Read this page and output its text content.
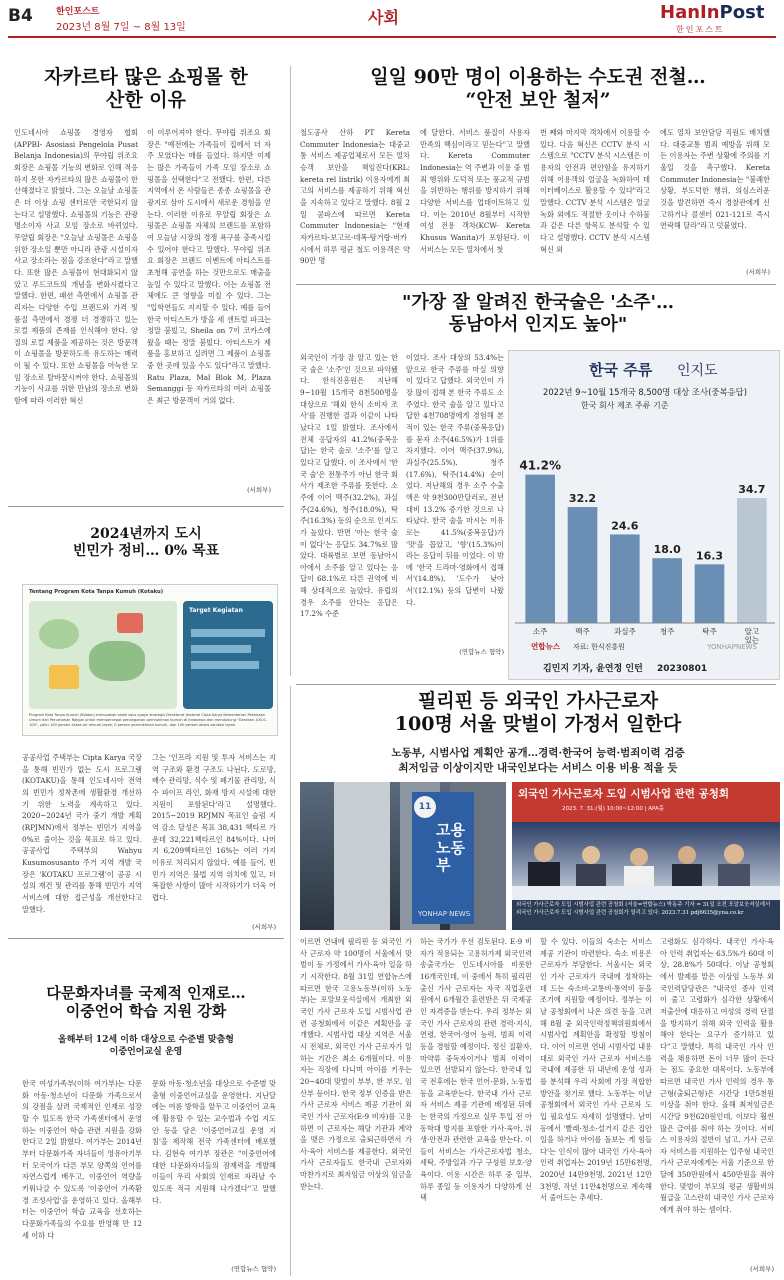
B4	한인포스트
2023년 8월 7일 ~ 8월 13일
사회	HanInPost
한인포스트
자카르타 많은 쇼핑몰 한
산한 이유
인도네시아 쇼핑몰 경영자 협회(APPBI- Asosiasi Pengelola Pusat Belanja Indonesia)의 무야립 위조요 회장은 쇼핑몰 기능의 변화로 인해 적응하지 못한 자카르타의 많은 쇼핑몰이 한산해졌다고 밝혔다. 그는 오늘날 쇼핑몰은 더 이상 쇼핑 센터로만 국한되지 않는다고 설명했다. 쇼핑몰의 기능은 관광 명소이자 사교 모임 장소로 바뀌었다. 무얄립 회장은 "오늘날 쇼핑몰은 쇼핑을 위한 장소일 뿐만 아니라 관광 시설이자 사교 장소라는 점을 강조한다"라고 말했다. 또한 많은 쇼핑몰이 현대화되지 않았고 푸드코트의 개념을 변화시켰다고 말했다. 한편, 패션 측면에서 쇼핑몰 관리자는 다양한 수입 브랜드와 가격 및 품질 측면에서 경쟁 더 경쟁하고 있는 로컬 제품의 존재를 인식해야 한다. 양질의 로컬 제품을 제공하는 것은 방문객이 쇼핑몰을 방문하도록 유도하는 매력이 될 수 있다. 또한 쇼핑몰을 아늑한 모임 장소로 탈바꿈시켜야 한다. 쇼핑몰의 기능이 사교를 위한 만남의 장소로 변화함에 따라 이러한 혁신
이 이루어져야 한다. 무야립 위조요 회장은 "예전에는 가족들이 집에서 더 자주 모였다는 매를 들었다. 하지만 이제는 많은 가족들이 가족 모임 장소로 쇼핑몰을 선택한다"고 전했다. 한편, 다른 지역에서 온 사람들은 종종 쇼핑몰을 관광지로 삼아 도시에서 새로운 경험을 얻는다. 이러한 이유로 무얄립 회장은 쇼핑몰은 쇼핑몰 자체의 브랜드를 포함하여 오늘날 시장의 경쟁 욕구를 충족시킬 수 있어야 한다고 말했다. 무야립 위조요 회장은 브랜드 이벤트에 아티스트를 초청해 공연을 하는 것만으로도 매출을 높일 수 있다고 말했다. 이는 쇼핑몰 전체에도 큰 영향을 미칠 수 있다. 그는 "입학연들도 지지할 수 있다. 예를 들어 한국 아티스트가 방을 세 센트럴 파크는 정말 붐빘고, Sheila on 7이 코카스에 왔을 때는 정말 붐빘다. 아티스트가 제품을 홍보하고 실려면 그 제품이 쇼핑몰 중 한 곳에 있을 수도 있다"라고 말했다. Ratu Plaza, Mal Blok M, Plaza Semanggi 등 자카르타의 여러 쇼핑몰은 최근 방문객이 거의 없다.
(서희부)
일일 90만 명이 이용하는 수도권 전철…
“안전 보안 철저”
철도공사 산하 PT Kereta Commuter Indonesia는 대중교통 서비스 제공업체로서 모든 열차 승객 보안을 책임진다(KRL: kereta rel listrik) 이용자에게 최고의 서비스를 제공하기 위해 혁신을 지속하고 있다고 말했다. 8월 2일 콤파스에 따르면 Kereta Commuter Indonesia는 "현재 자카르타-보고르-데폭-탕거랑-버카시에서 하루 평균 철도 이용객은 약 90만 명
에 달한다. 서비스 품질이 사용자 만족의 핵심이라고 믿는다"고 말했다. Kereta Commuter Indonesia는 역 주변과 이용 중 범죄 행위와 도덕적 또는 풍교적 규범을 위반하는 행위를 방지하기 위해 다양한 서비스를 업데이트하고 있다. 이는 2010년 8월부터 시작한 여성 전용 객차(KCW- Kereta Khusus Wanita)가 포함된다. 이 서비스는 모든 열차에서 첫
번 째와 마지막 객차에서 이용할 수 있다. 다음 혁신은 CCTV 분석 시스템으로 "CCTV 분석 시스템은 이용자의 안전과 편안함을 유지하기 위해 이용객의 얼굴을 녹화하여 데이터베이스로 활용할 수 있다"라고 말했다. CCTV 분석 시스템은 얼굴 녹화 외에도 적절한 옷이나 수하물과 같은 다른 항목도 분석할 수 있다고 설명했다. CCTV 분석 시스템 혁신 외
에도 열차 보안담당 직원도 배치했다. 대중교통 범죄 예방을 위해 모든 이용자는 주변 상황에 주의를 기울일 것을 촉구했다. Kereta Commuter Indonesia는 "불쾌한 상황, 부도덕한 행위, 의심스러운 것을 발견하면 즉시 경찰관에게 신고하거나 콜센터 021-121로 즉시 연락해 달라"라고 덧붙였다.
(서희부)
"가장 잘 알려진 한국술은 '소주'…
동남아서 인지도 높아"
외국인이 가장 잘 알고 있는 한국 술은 '소주'인 것으로 파악됐다. 한식진흥원은 지난해 9~10월 15개국 8천500명을 대상으로 '해외 한식 소비자 조사'를 진행한 결과 이같이 나타났다고 1일 밝혔다. 조사에서 전체 응답자의 41.2%(중복응답)는 한국 술로 '소주'를 알고 있다고 답했다. 이 조사에서 '한국 술'은 전통주가 아닌 한국 회사가 제조한 주류를 뜻한다. 소주에 이어 맥주(32.2%), 과실주(24.6%), 청주(18.0%), 탁주(16.3%) 등의 순으로 인지도가 높았다. 반면 '아는 한국 술이 없다'는 응답도 34.7%로 많았다. 대륙별로 보면 동남아시아에서 소주를 알고 있다는 응답이 68.1%로 다른 권역에 비해 상대적으로 높았다. 유럽의 경우 소주를 안다는 응답은 17.2% 수준
이었다. 조사 대상의 53.4%는 앞으로 한국 주류를 마실 의향이 있다고 답했다. 외국인이 가장 많이 접해 본 한국 주류도 소주였다. 한국 술을 알고 있다고 답한 4천708명에게 경험해 본 적이 있는 한국 주류(중복응답)를 묻자 소주(46.5%)가 1위를 차지했다. 이어 맥주(37.9%), 과실주(25.5%), 청주(17.6%), 탁주(14.4%) 순이었다. 지난해의 경우 소주 수출액은 약 9천300만달러로, 전년 대비 13.2% 증가한 것으로 나타났다. 한국 술을 마시는 이유로는 41.5%(중복응답)가 '맛'을 꼽았고, '향'(15.3%)이라는 응답이 뒤를 이었다. 이 밖에 '한국 드라마·영화에서 접해서'(14.8%), '도수가 낮아서'(12.1%) 등의 답변이 나왔다.
(연합뉴스 협약)
한국 주류 인지도
2022년 9~10월 15개국 8,500명 대상 조사(중복응답)
한국 회사 제조 주류 기준
41.2%
소주
32.2
맥주
24.6
과실주
18.0
청주
16.3
탁주
34.7
알고 있는
연합뉴스 자료: 한식진흥원	YONHAPNEWS
김민지 기자, 윤연정 인턴 20230801
2024년까지 도시
빈민가 정비… 0% 목표
Tentang Program Kota Tanpa Kumuh (Kotaku)
Target Kegiatan
Program Kota Tanpa Kumuh (Kotaku) merupakan salah satu upaya strategis Direktorat Jenderal Cipta Karya Kementerian Pekerjaan Umum dan Perumahan Rakyat untuk mempercepat penanganan permukiman kumuh di Indonesia dan mendukung "Gerakan 100-0-100", yaitu 100 persen akses air minum layak, 0 persen permukiman kumuh, dan 100 persen akses sanitasi layak.
공공사업 주택부는 Cipta Karya 국장을 통해 빈민가 없는 도시 프로그램(KOTAKU)을 통해 인도네시아 전역의 빈민가 정착촌에 생활환경 개선하기 위한 노력을 계속하고 있다. 2020~2024년 국가 중기 개발 계획(RPJMN)에서 정부는 빈민가 지역을 0%로 줄이는 것을 목표로 하고 있다. 공공사업 주택부의 Wahyu Kusumosusanto 주거 지역 개발 국장은 'KOTAKU 프로그램'이 공공 시설의 재건 및 관리를 통해 빈민가 지역 서비스에 대한 접근성을 개선한다고 말했다.
그는 '인프라 지원 및 투자 서비스는 지역 구조와 환경 구조도 나뉜다. 도로망, 배수 관리망, 식수 및 폐기물 관리망, 식수 파이프 라인, 화재 방지 시설에 대한 지원이 포함된다'라고 설명했다. 2015~2019 RPJMN 목표인 슬럼 지역 감소 달성은 목표 38,431 헥타르 가운데 32,221헥타르인 84%이다. 나머지 6,209헥타르인 16%는 여러 가지 이유로 처리되지 않았다. 예를 들어, 빈민가 지역은 불법 지역 위치에 있고, 더 복잡한 사항이 많아 시작하기가 더욱 어렵다.
(서희부)
다문화자녀를 국제적 인재로…
이중언어 학습 지원 강화
올해부터 12세 이하 대상으로 수준별 맞춤형
이중언어교실 운영
한국 여성가족부(이하 여가부)는 다문화 아동·청소년이 다문화 가족으로서의 강점을 살려 국제적인 인재로 성장할 수 있도록 한국 가족센터에서 운영하는 이중언어 학습 관련 지원을 강화한다고 2일 밝혔다. 여가부는 2014년부터 다문화가족 자녀들이 영유아기부터 모국어가 다른 부모 양쪽의 언어를 자연스럽게 배우고, 이중언어 역량을 키워나갈 수 있도록 '이중언어 가족환경 조성사업'을 운영하고 있다. 올해부터는 이중언어 학습 교육을 선호하는 다문화가족들의 수요를 반영해 만 12세 이하 다
문화 아동·청소년을 대상으로 수준별 맞춤형 이중언어교실을 운영한다. 지난달에는 여름 방학을 앞두고 이중언어 교육에 활용할 수 있는 교수법과 수업 지도안 등을 담은 '이중언어교실 운영 지침'을 제작해 전국 가족센터에 배포했다. 김현숙 여가부 장관은 "이중언어에 대한 다문화자녀들의 잠재력을 개발해 이들이 우리 사회의 인재로 자라날 수 있도록 적극 지원해 나가겠다"고 말했다.
(연합뉴스 협약)
필리핀 등 외국인 가사근로자
100명 서울 맞벌이 가정서 일한다
노동부, 시범사업 계획안 공개…경력·한국어 능력·범죄이력 검증
최저임금 이상이지만 내국인보다는 서비스 이용 비용 적을 듯
11
고용노동부
YONHAP NEWS
외국인 가사근로자 도입 시범사업 관련 공청회
2023. 7. 31.(월) 10:00~12:00 | APA홀
외국인 가사근로자 도입 시범사업 관련 공청회 (서울=연합뉴스) 박동주 기자 = 31일 오전 포알보웃셔실에서 외국인 가사근로자 도입 시범사업 관련 공청회가 열리고 있다. 2023.7.31 pdj6635@yna.co.kr
이르면 연내에 필리핀 등 외국인 가사 근로자 약 100명이 서울에서 맞벌이 등 가정에서 가사·육아 일을 하기 시작한다. 8월 31일 연합뉴스에 따르면 한국 고용노동부(이하 노동부)는 포알보웃셔실에서 개최한 외국인 가사 근로자 도입 시범사업 관련 공청회에서 이같은 계획안을 공개했다. 시범사업 대상 지역은 서울시 전체로, 외국인 가사 근로자가 일하는 기간은 최소 6개월이다. 이용자는 직장에 다니며 아이를 키우는 20~40대 맞벌이 부부, 한 부모, 임산부 등이다. 한국 정부 인증을 받은 가사 근로자 서비스 제공 기관이 외국인 가사 근로자(E-9 비자)를 고용하면 이 근로자는 해당 기관과 계약을 맺은 가정으로 출퇴근하면서 가사·육아 서비스를 제공한다. 외국인 가사 근로자들도 한국내 근로자와 마찬가지로 최저임금 이상의 임금을 받는다.
하는 국가가 우선 검토된다. E-9 비자가 적용되는 고용허가제 외국인력 송출국가는 인도네시아를 비롯한 16개국인데, 이 중에서 특히 필리핀 출신 가사 근로자는 자국 직업훈련원에서 6개월간 훈련받은 뒤 국제공인 자격증을 받는다. 우리 정부는 외국인 가사 근로자의 관련 경력·지식, 연령, 한국어·영어 능력, 범죄 이력 등을 경험할 예정이다. 정신 질환자, 마약류 중독자이거나 범죄 이력이 있으면 선발되지 않는다. 한국내 입국 전후에는 한국 언어·문화, 노동법 등을 교육받는다. 한국내 가사 근로자 서비스 제공 기관에 배정된 뒤에는 한국의 가정으로 실무 투입 전 아동학대 방지를 포함한 가사·육아, 위생·안전과 관련한 교육을 받는다. 이들이 서비스는 가사근로자법 청소, 세탁, 주방일과 가구 구성원 보호·양육이다. 이용 시간은 하루 중 일부, 하루 종일 등 이용자가 다양하게 선택
할 수 있다. 이들의 숙소는 서비스 제공 기관이 마련한다. 숙소 비용은 근로자가 부담한다. 서울시는 외국인 가사 근로자가 국내에 정착하는 데 드는 숙소비·교통비·통역비 등을 조기에 지원할 예정이다. 정부는 이날 공청회에서 나온 의견 등을 고려해 8월 중 외국인력정책위원회에서 시범사업 계획안을 확정할 방침이다. 이어 이르면 연내 시범사업 내용대로 외국인 가사 근로자 서비스를 국내에 제공한 뒤 내년에 운영 성과를 분석해 우리 사회에 가장 적합한 방안을 찾기로 했다. 노동부는 이날 공청회에서 외국인 가사 근로자 도입 필요성도 자세히 설명했다. 남미 등에서 '빨래·청소·설거지 같은 집안일을 하거나 아이를 돌보는 게 힘들다'는 인식이 많아 내국인 가사·육아 인력 취업자는 2019년 15만6천명, 2020년 14만9천명, 2021년 12만3천명, 작년 11만4천명으로 계속해서 줄어드는 추세다.
고령화도 심각하다. 내국인 가사·육아 인력 취업자는 63.5%가 60대 이상, 28.8%가 50대다. 이날 공청회에서 발제를 맡은 이상임 노동부 외국인력담당관은 "내국인 종사 인력이 줄고 고령화가 심각한 상황에서 저출산에 대응하고 여성의 경력 단절을 방지하기 위해 외국 인력을 활용해야 한다는 요구가 증가하고 있다"고 말했다. 특히 내국인 가사 인력을 채용하면 돈이 너무 많이 든다는 점도 중요한 대목이다. 노동부에 따르면 내국인 가사 인력의 경우 통근형(출퇴근형)은 시간당 1만5천원 이상을 줘야 한다. 올해 최저임금은 시간당 9천620원인데, 이보다 훨씬 많은 급여를 줘야 하는 것이다. 서비스 이용자의 절반이 넘고, 가사 근로자 서비스를 지원하는 입주형 내국인 가사 근로자에게는 서울 기준으로 한 달에 350만원에서 450만원을 줘야 한다. 맞벌이 부모의 평균 생활비의 월급을 고스란히 내국인 가사 근로자에게 줘야 하는 셈이다.
(서희부)
